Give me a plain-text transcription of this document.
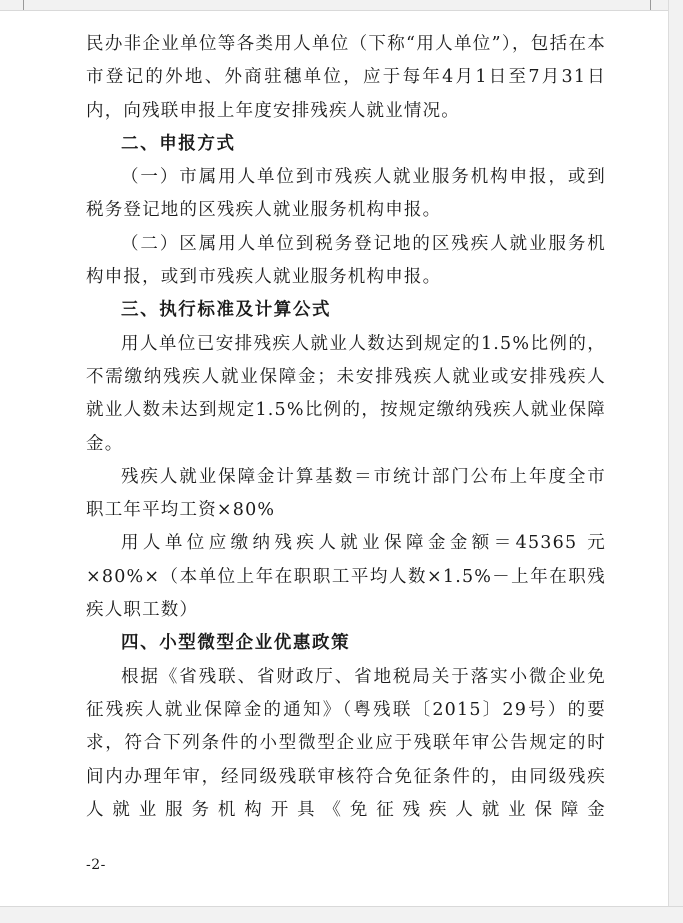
民办非企业单位等各类用人单位（下称“用人单位”），包括在本市登记的外地、外商驻穗单位，应于每年4月1日至7月31日内，向残联申报上年度安排残疾人就业情况。

二、申报方式

（一）市属用人单位到市残疾人就业服务机构申报，或到税务登记地的区残疾人就业服务机构申报。

（二）区属用人单位到税务登记地的区残疾人就业服务机构申报，或到市残疾人就业服务机构申报。

三、执行标准及计算公式

用人单位已安排残疾人就业人数达到规定的1.5%比例的，不需缴纳残疾人就业保障金；未安排残疾人就业或安排残疾人就业人数未达到规定1.5%比例的，按规定缴纳残疾人就业保障金。

残疾人就业保障金计算基数＝市统计部门公布上年度全市职工年平均工资×80%

用人单位应缴纳残疾人就业保障金金额＝45365 元×80%×（本单位上年在职职工平均人数×1.5%－上年在职残疾人职工数）

四、小型微型企业优惠政策

根据《省残联、省财政厅、省地税局关于落实小微企业免征残疾人就业保障金的通知》（粤残联〔2015〕29号）的要求，符合下列条件的小型微型企业应于残联年审公告规定的时间内办理年审，经同级残联审核符合免征条件的，由同级残疾人就业服务机构开具《免征残疾人就业保障金

-2-
